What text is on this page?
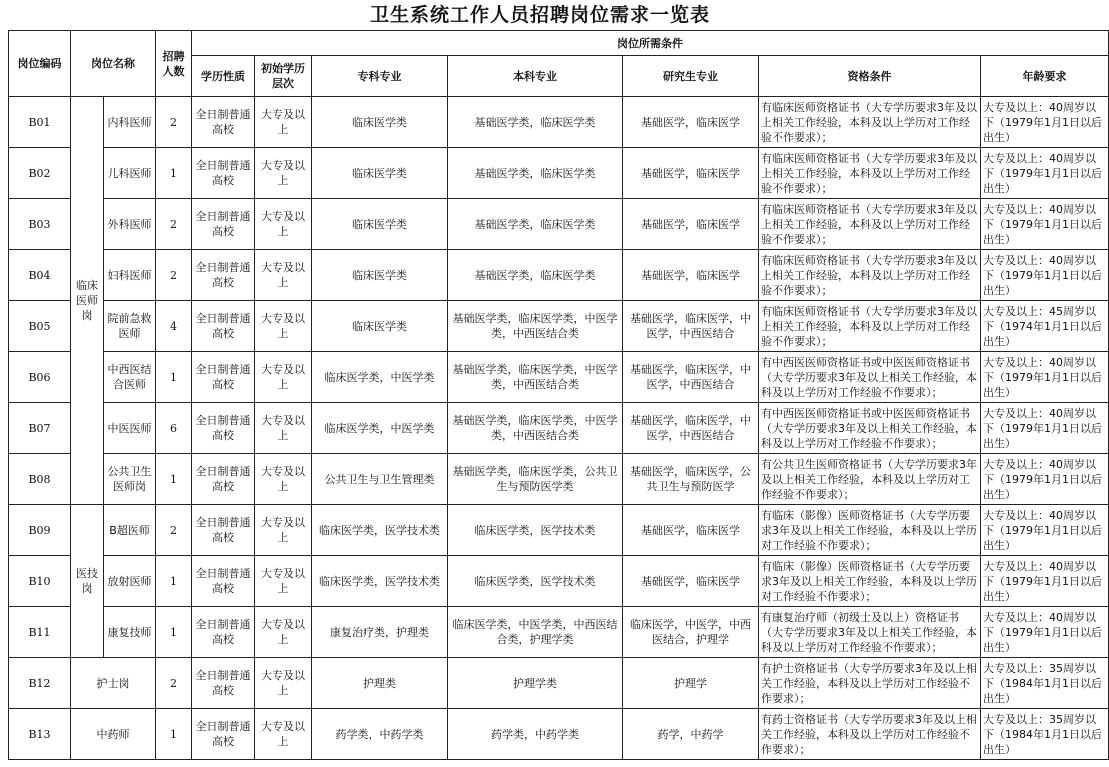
卫生系统工作人员招聘岗位需求一览表
岗位编码	岗位名称		招聘人数	岗位所需条件						
				学历性质	初始学历层次	专科专业	本科专业	研究生专业	资格条件	年龄要求
B01	临床医师岗	内科医师	2	全日制普通高校	大专及以上	临床医学类	基础医学类，临床医学类	基础医学，临床医学	有临床医师资格证书（大专学历要求3年及以上相关工作经验，本科及以上学历对工作经验不作要求）；	大专及以上：40周岁以下（1979年1月1日以后出生）
B02		儿科医师	1	全日制普通高校	大专及以上	临床医学类	基础医学类，临床医学类	基础医学，临床医学	有临床医师资格证书（大专学历要求3年及以上相关工作经验，本科及以上学历对工作经验不作要求）；	大专及以上：40周岁以下（1979年1月1日以后出生）
B03		外科医师	2	全日制普通高校	大专及以上	临床医学类	基础医学类，临床医学类	基础医学，临床医学	有临床医师资格证书（大专学历要求3年及以上相关工作经验，本科及以上学历对工作经验不作要求）；	大专及以上：40周岁以下（1979年1月1日以后出生）
B04		妇科医师	2	全日制普通高校	大专及以上	临床医学类	基础医学类，临床医学类	基础医学，临床医学	有临床医师资格证书（大专学历要求3年及以上相关工作经验，本科及以上学历对工作经验不作要求）；	大专及以上：40周岁以下（1979年1月1日以后出生）
B05		院前急救医师	4	全日制普通高校	大专及以上	临床医学类	基础医学类，临床医学类，中医学类，中西医结合类	基础医学，临床医学，中医学，中西医结合	有临床医师资格证书（大专学历要求3年及以上相关工作经验，本科及以上学历对工作经验不作要求）；	大专及以上：45周岁以下（1974年1月1日以后出生）
B06		中西医结合医师	1	全日制普通高校	大专及以上	临床医学类，中医学类	基础医学类，临床医学类，中医学类，中西医结合类	基础医学，临床医学，中医学，中西医结合	有中西医医师资格证书或中医医师资格证书（大专学历要求3年及以上相关工作经验，本科及以上学历对工作经验不作要求）；	大专及以上：40周岁以下（1979年1月1日以后出生）
B07		中医医师	6	全日制普通高校	大专及以上	临床医学类，中医学类	基础医学类，临床医学类，中医学类，中西医结合类	基础医学，临床医学，中医学，中西医结合	有中西医医师资格证书或中医医师资格证书（大专学历要求3年及以上相关工作经验，本科及以上学历对工作经验不作要求）；	大专及以上：40周岁以下（1979年1月1日以后出生）
B08		公共卫生医师岗	1	全日制普通高校	大专及以上	公共卫生与卫生管理类	基础医学类，临床医学类，公共卫生与预防医学类	基础医学，临床医学，公共卫生与预防医学	有公共卫生医师资格证书（大专学历要求3年及以上相关工作经验，本科及以上学历对工作经验不作要求）；	大专及以上：40周岁以下（1979年1月1日以后出生）
B09	医技岗	B超医师	2	全日制普通高校	大专及以上	临床医学类，医学技术类	临床医学类，医学技术类	基础医学，临床医学	有临床（影像）医师资格证书（大专学历要求3年及以上相关工作经验，本科及以上学历对工作经验不作要求）；	大专及以上：40周岁以下（1979年1月1日以后出生）
B10		放射医师	1	全日制普通高校	大专及以上	临床医学类，医学技术类	临床医学类，医学技术类	基础医学，临床医学	有临床（影像）医师资格证书（大专学历要求3年及以上相关工作经验，本科及以上学历对工作经验不作要求）；	大专及以上：40周岁以下（1979年1月1日以后出生）
B11		康复技师	1	全日制普通高校	大专及以上	康复治疗类，护理类	临床医学类，中医学类，中西医结合类，护理学类	临床医学，中医学，中西医结合，护理学	有康复治疗师（初级士及以上）资格证书（大专学历要求3年及以上相关工作经验，本科及以上学历对工作经验不作要求）；	大专及以上：40周岁以下（1979年1月1日以后出生）
B12	护士岗		2	全日制普通高校	大专及以上	护理类	护理学类	护理学	有护士资格证书（大专学历要求3年及以上相关工作经验，本科及以上学历对工作经验不作要求）；	大专及以上：35周岁以下（1984年1月1日以后出生）
B13	中药师		1	全日制普通高校	大专及以上	药学类，中药学类	药学类，中药学类	药学，中药学	有药士资格证书（大专学历要求3年及以上相关工作经验，本科及以上学历对工作经验不作要求）；	大专及以上：35周岁以下（1984年1月1日以后出生）
